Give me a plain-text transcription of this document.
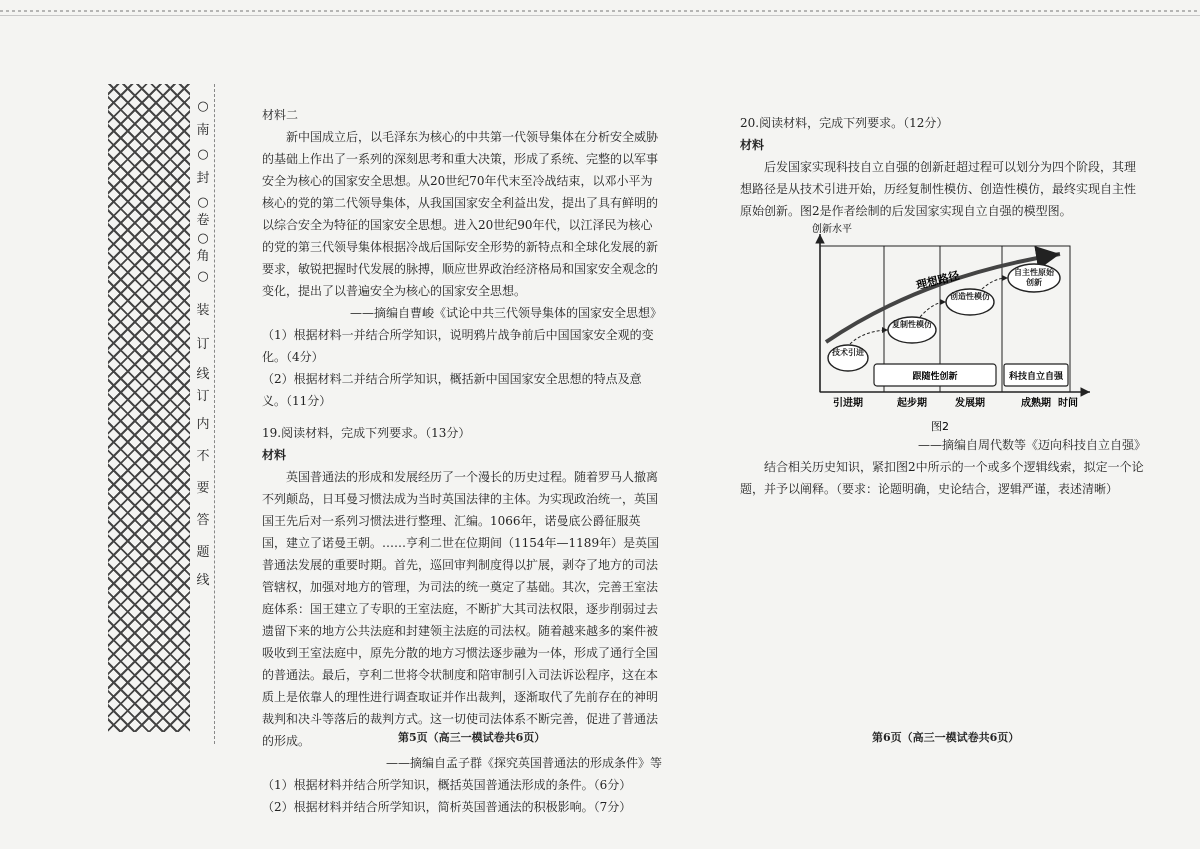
○
南
○
封
○
卷
○
角
○
装
订
线
订
内
不
要
答
题
线

材料二

新中国成立后，以毛泽东为核心的中共第一代领导集体在分析安全威胁的基础上作出了一系列的深刻思考和重大决策，形成了系统、完整的以军事安全为核心的国家安全思想。从20世纪70年代末至冷战结束，以邓小平为核心的党的第二代领导集体，从我国国家安全利益出发，提出了具有鲜明的以综合安全为特征的国家安全思想。进入20世纪90年代，以江泽民为核心的党的第三代领导集体根据冷战后国际安全形势的新特点和全球化发展的新要求，敏锐把握时代发展的脉搏，顺应世界政治经济格局和国家安全观念的变化，提出了以普遍安全为核心的国家安全思想。

——摘编自曹峻《试论中共三代领导集体的国家安全思想》

（1）根据材料一并结合所学知识，说明鸦片战争前后中国国家安全观的变化。（4分）

（2）根据材料二并结合所学知识，概括新中国国家安全思想的特点及意义。（11分）

19.阅读材料，完成下列要求。（13分）

材料

英国普通法的形成和发展经历了一个漫长的历史过程。随着罗马人撤离不列颠岛，日耳曼习惯法成为当时英国法律的主体。为实现政治统一，英国国王先后对一系列习惯法进行整理、汇编。1066年，诺曼底公爵征服英国，建立了诺曼王朝。……亨利二世在位期间（1154年—1189年）是英国普通法发展的重要时期。首先，巡回审判制度得以扩展，剥夺了地方的司法管辖权，加强对地方的管理，为司法的统一奠定了基础。其次，完善王室法庭体系：国王建立了专职的王室法庭，不断扩大其司法权限，逐步削弱过去遗留下来的地方公共法庭和封建领主法庭的司法权。随着越来越多的案件被吸收到王室法庭中，原先分散的地方习惯法逐步融为一体，形成了通行全国的普通法。最后，亨利二世将令状制度和陪审制引入司法诉讼程序，这在本质上是依靠人的理性进行调查取证并作出裁判，逐渐取代了先前存在的神明裁判和决斗等落后的裁判方式。这一切使司法体系不断完善，促进了普通法的形成。

——摘编自孟子群《探究英国普通法的形成条件》等

（1）根据材料并结合所学知识，概括英国普通法形成的条件。（6分）

（2）根据材料并结合所学知识，简析英国普通法的积极影响。（7分）

第5页（高三一模试卷共6页）

20.阅读材料，完成下列要求。（12分）

材料

后发国家实现科技自立自强的创新赶超过程可以划分为四个阶段，其理想路径是从技术引进开始，历经复制性模仿、创造性模仿，最终实现自主性原始创新。图2是作者绘制的后发国家实现自立自强的模型图。

创新水平
时间
理想路径
技术引进
复制性模仿
创造性模仿
自主性原始创新
跟随性创新	科技自立自强
引进期	起步期	发展期	成熟期
图2

——摘编自周代数等《迈向科技自立自强》

结合相关历史知识，紧扣图2中所示的一个或多个逻辑线索，拟定一个论题，并予以阐释。（要求：论题明确，史论结合，逻辑严谨，表述清晰）

第6页（高三一模试卷共6页）
